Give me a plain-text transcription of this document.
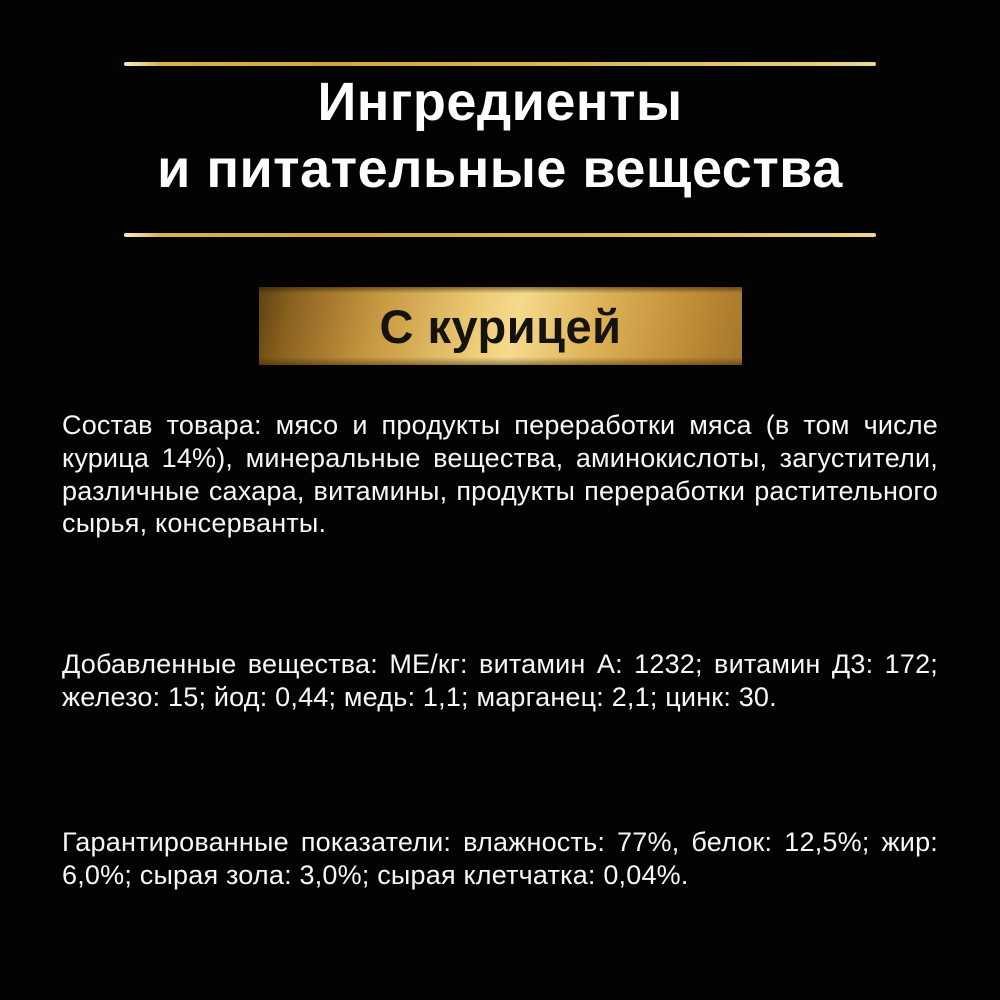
Ингредиенты
и питательные вещества
С курицей

Состав товара: мясо и продукты переработки мяса (в том числе курица 14%), минеральные вещества, аминокислоты, загустители, различные сахара, витамины, продукты переработки растительного сырья, консерванты.

Добавленные вещества: МЕ/кг: витамин А: 1232; витамин Д3: 172; железо: 15; йод: 0,44; медь: 1,1; марганец: 2,1; цинк: 30.

Гарантированные показатели: влажность: 77%, белок: 12,5%; жир: 6,0%; сырая зола: 3,0%; сырая клетчатка: 0,04%.
